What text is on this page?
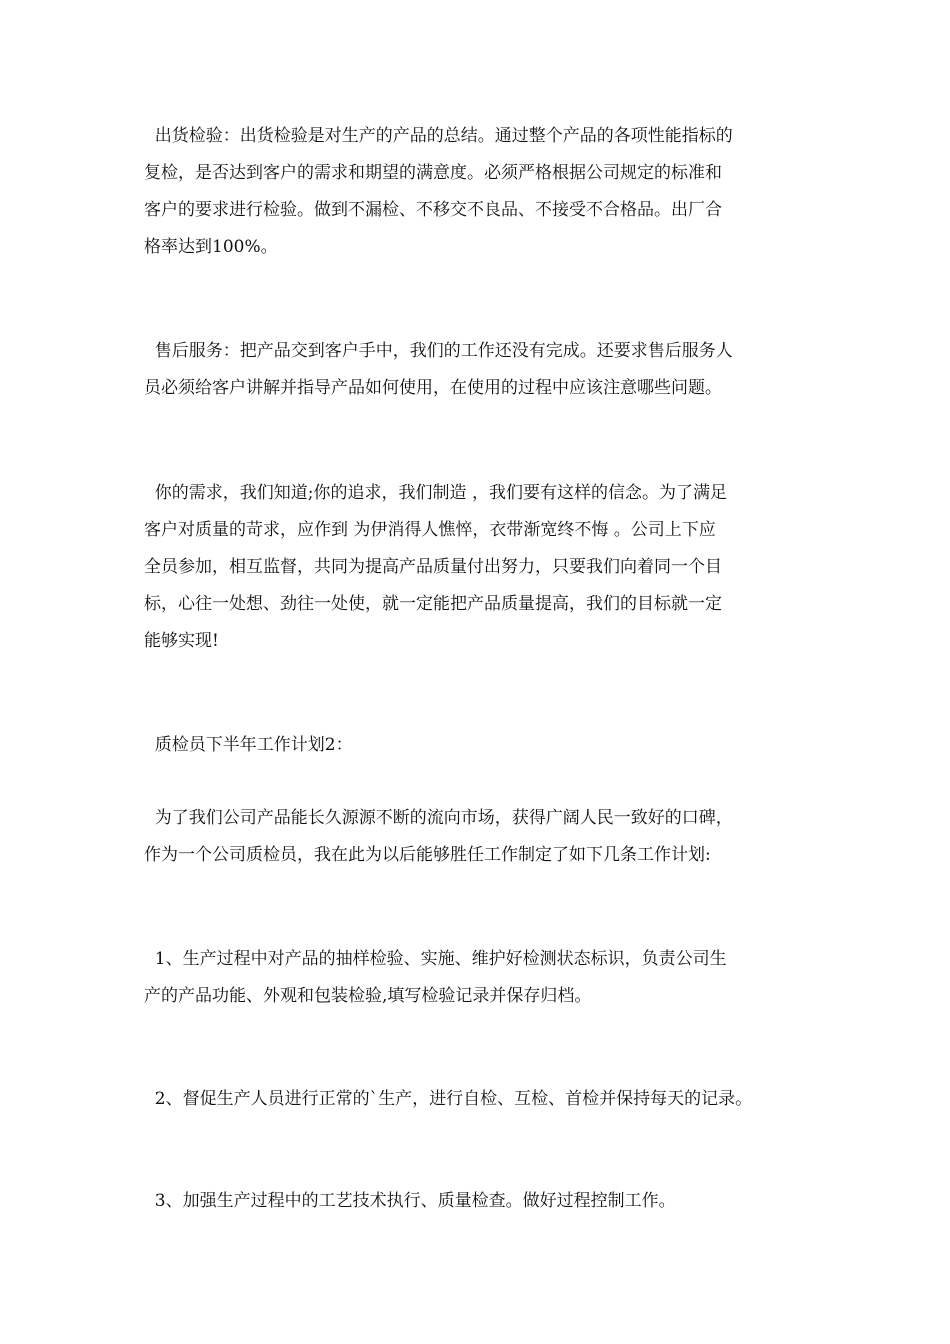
出货检验：出货检验是对生产的产品的总结。通过整个产品的各项性能指标的
复检，是否达到客户的需求和期望的满意度。必须严格根据公司规定的标准和
客户的要求进行检验。做到不漏检、不移交不良品、不接受不合格品。出厂合
格率达到100%。
售后服务：把产品交到客户手中，我们的工作还没有完成。还要求售后服务人
员必须给客户讲解并指导产品如何使用，在使用的过程中应该注意哪些问题。
你的需求，我们知道;你的追求，我们制造 ，我们要有这样的信念。为了满足
客户对质量的苛求，应作到 为伊消得人憔悴，衣带渐宽终不悔 。公司上下应
全员参加，相互监督，共同为提高产品质量付出努力，只要我们向着同一个目
标，心往一处想、劲往一处使，就一定能把产品质量提高，我们的目标就一定
能够实现!
质检员下半年工作计划2：
为了我们公司产品能长久源源不断的流向市场，获得广阔人民一致好的口碑，
作为一个公司质检员，我在此为以后能够胜任工作制定了如下几条工作计划:
1、生产过程中对产品的抽样检验、实施、维护好检测状态标识，负责公司生
产的产品功能、外观和包装检验,填写检验记录并保存归档。
2、督促生产人员进行正常的`生产，进行自检、互检、首检并保持每天的记录。
3、加强生产过程中的工艺技术执行、质量检查。做好过程控制工作。
